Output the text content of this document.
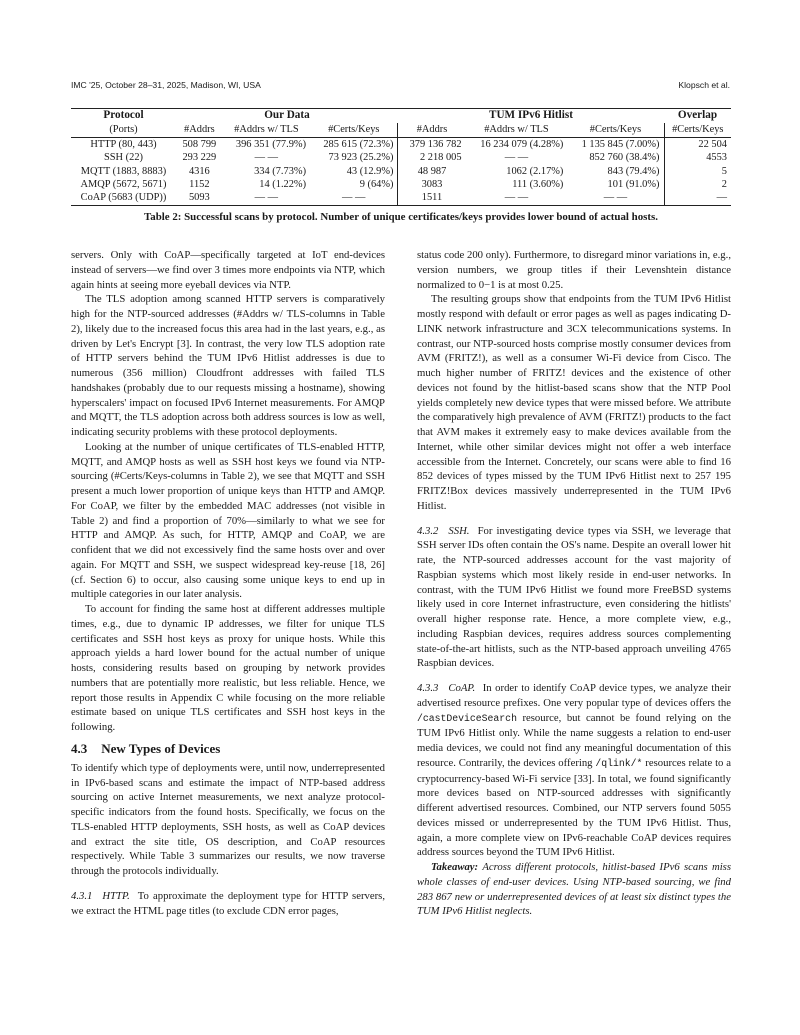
IMC '25, October 28–31, 2025, Madison, WI, USA	Klopsch et al.
Protocol	Our Data			TUM IPv6 Hitlist			Overlap
(Ports)	#Addrs	#Addrs w/ TLS	#Certs/Keys	#Addrs	#Addrs w/ TLS	#Certs/Keys	#Certs/Keys
HTTP (80, 443)	508 799	396 351 (77.9%)	285 615 (72.3%)	379 136 782	16 234 079 (4.28%)	1 135 845 (7.00%)	22 504
SSH (22)	293 229	— —	73 923 (25.2%)	2 218 005	— —	852 760 (38.4%)	4553
MQTT (1883, 8883)	4316	334 (7.73%)	43 (12.9%)	48 987	1062 (2.17%)	843 (79.4%)	5
AMQP (5672, 5671)	1152	14 (1.22%)	9 (64%)	3083	111 (3.60%)	101 (91.0%)	2
CoAP (5683 (UDP))	5093	— —	— —	1511	— —	— —	—
Table 2: Successful scans by protocol. Number of unique certificates/keys provides lower bound of actual hosts.

servers. Only with CoAP—specifically targeted at IoT end-devices instead of servers—we find over 3 times more endpoints via NTP, which again hints at seeing more eyeball devices via NTP.

The TLS adoption among scanned HTTP servers is comparatively high for the NTP-sourced addresses (#Addrs w/ TLS-columns in Table 2), likely due to the increased focus this area had in the last years, e.g., as driven by Let's Encrypt [3]. In contrast, the very low TLS adoption rate of HTTP servers behind the TUM IPv6 Hitlist addresses is due to numerous (356 million) Cloudfront addresses with failed TLS handshakes (probably due to our requests missing a hostname), showing hyperscalers' impact on focused IPv6 Internet measurements. For AMQP and MQTT, the TLS adoption across both address sources is low as well, indicating security problems with these protocol deployments.

Looking at the number of unique certificates of TLS-enabled HTTP, MQTT, and AMQP hosts as well as SSH host keys we found via NTP-sourcing (#Certs/Keys-columns in Table 2), we see that MQTT and SSH present a much lower proportion of unique keys than HTTP and AMQP. For CoAP, we filter by the embedded MAC addresses (not visible in Table 2) and find a proportion of 70%—similarly to what we see for HTTP and AMQP. As such, for HTTP, AMQP and CoAP, we are confident that we did not excessively find the same hosts over and over again. For MQTT and SSH, we suspect widespread key-reuse [18, 26] (cf. Section 6) to occur, also causing some unique keys to end up in multiple categories in our later analysis.

To account for finding the same host at different addresses multiple times, e.g., due to dynamic IP addresses, we filter for unique TLS certificates and SSH host keys as proxy for unique hosts. While this approach yields a hard lower bound for the actual number of unique hosts, considering results based on grouping by network provides numbers that are potentially more realistic, but less reliable. Hence, we report those results in Appendix C while focusing on the more reliable estimate based on unique TLS certificates and SSH host keys in the following.

4.3 New Types of Devices

To identify which type of deployments were, until now, underrepresented in IPv6-based scans and estimate the impact of NTP-based address sourcing on active Internet measurements, we next analyze protocol-specific indicators from the found hosts. Specifically, we focus on the TLS-enabled HTTP deployments, SSH hosts, as well as CoAP devices and extract the site title, OS description, and CoAP resources respectively. While Table 3 summarizes our results, we now traverse through the protocols individually.

4.3.1 HTTP. To approximate the deployment type for HTTP servers, we extract the HTML page titles (to exclude CDN error pages,

status code 200 only). Furthermore, to disregard minor variations in, e.g., version numbers, we group titles if their Levenshtein distance normalized to 0−1 is at most 0.25.

The resulting groups show that endpoints from the TUM IPv6 Hitlist mostly respond with default or error pages as well as pages indicating D-LINK network infrastructure and 3CX telecommunications systems. In contrast, our NTP-sourced hosts comprise mostly consumer devices from AVM (FRITZ!), as well as a consumer Wi-Fi device from Cisco. The much higher number of FRITZ! devices and the existence of other devices not found by the hitlist-based scans show that the NTP Pool yields completely new device types that were missed before. We attribute the comparatively high prevalence of AVM (FRITZ!) products to the fact that AVM makes it extremely easy to make devices available from the Internet, while other similar devices might not offer a web interface accessible from the Internet. Concretely, our scans were able to find 16 852 devices of types missed by the TUM IPv6 Hitlist next to 257 195 FRITZ!Box devices massively underrepresented in the TUM IPv6 Hitlist.

4.3.2 SSH. For investigating device types via SSH, we leverage that SSH server IDs often contain the OS's name. Despite an overall lower hit rate, the NTP-sourced addresses account for the vast majority of Raspbian systems which most likely reside in end-user networks. In contrast, with the TUM IPv6 Hitlist we found more FreeBSD systems likely used in core Internet infrastructure, even considering the hitlists' overall higher response rate. Hence, a more complete view, e.g., including Raspbian devices, requires address sources complementing state-of-the-art hitlists, such as the NTP-based approach unveiling 4765 Raspbian devices.

4.3.3 CoAP. In order to identify CoAP device types, we analyze their advertised resource prefixes. One very popular type of devices offers the /castDeviceSearch resource, but cannot be found relying on the TUM IPv6 Hitlist only. While the name suggests a relation to end-user media devices, we could not find any meaningful documentation of this resource. Contrarily, the devices offering /qlink/* resources relate to a cryptocurrency-based Wi-Fi service [33]. In total, we found significantly more devices based on NTP-sourced addresses with significantly different advertised resources. Combined, our NTP servers found 5055 devices missed or underrepresented by the TUM IPv6 Hitlist. Thus, again, a more complete view on IPv6-reachable CoAP devices requires address sources beyond the TUM IPv6 Hitlist.

Takeaway: Across different protocols, hitlist-based IPv6 scans miss whole classes of end-user devices. Using NTP-based sourcing, we find 283 867 new or underrepresented devices of at least six distinct types the TUM IPv6 Hitlist neglects.
